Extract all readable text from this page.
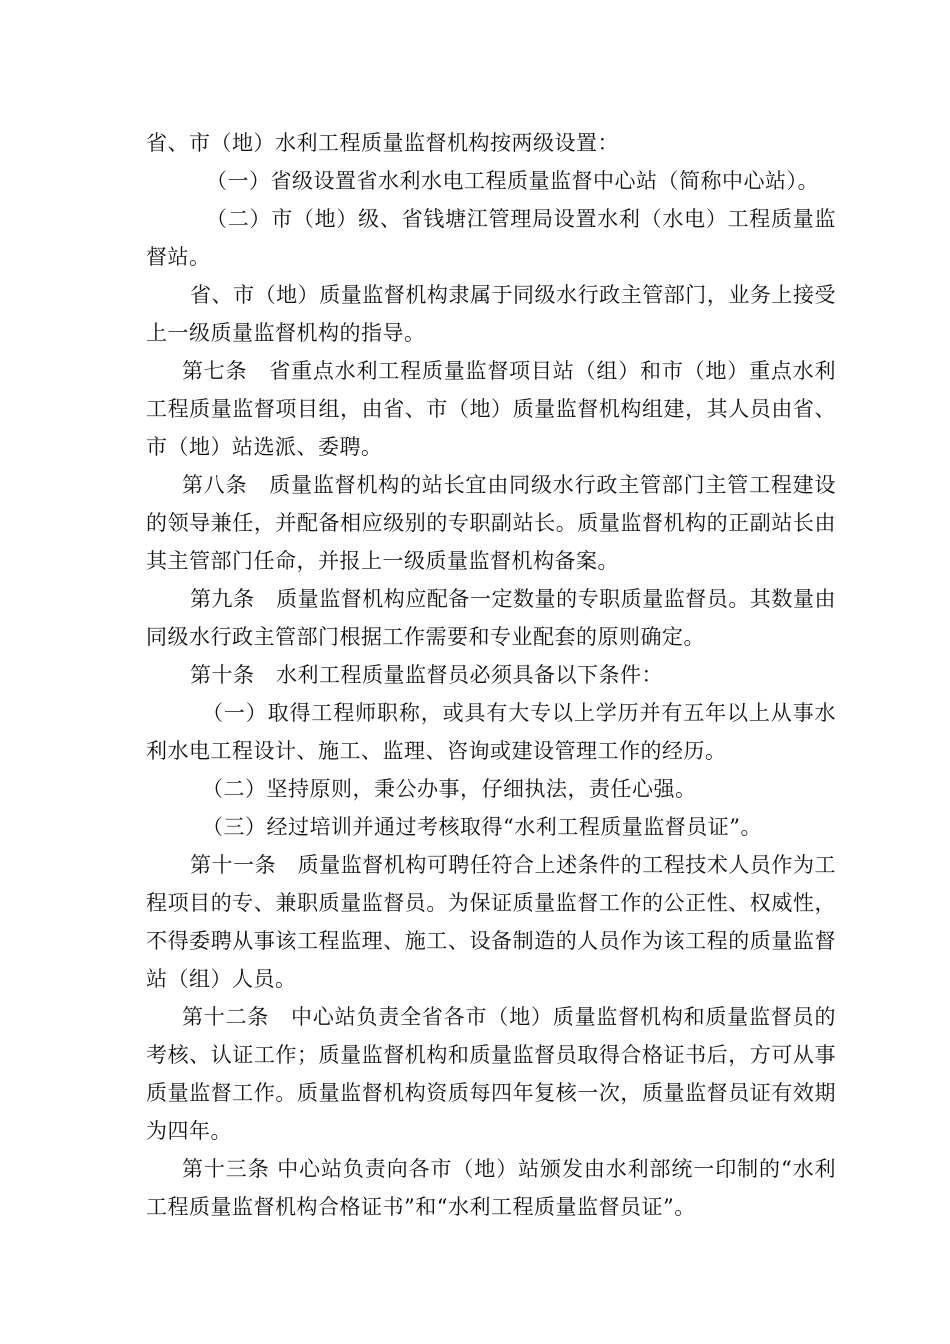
省、市（地）水利工程质量监督机构按两级设置：

（一）省级设置省水利水电工程质量监督中心站（简称中心站）。

（二）市（地）级、省钱塘江管理局设置水利（水电）工程质量监督站。

省、市（地）质量监督机构隶属于同级水行政主管部门，业务上接受上一级质量监督机构的指导。

第七条　省重点水利工程质量监督项目站（组）和市（地）重点水利工程质量监督项目组，由省、市（地）质量监督机构组建，其人员由省、市（地）站选派、委聘。

第八条　质量监督机构的站长宜由同级水行政主管部门主管工程建设的领导兼任，并配备相应级别的专职副站长。质量监督机构的正副站长由其主管部门任命，并报上一级质量监督机构备案。

第九条　质量监督机构应配备一定数量的专职质量监督员。其数量由同级水行政主管部门根据工作需要和专业配套的原则确定。

第十条　水利工程质量监督员必须具备以下条件：

（一）取得工程师职称，或具有大专以上学历并有五年以上从事水利水电工程设计、施工、监理、咨询或建设管理工作的经历。

（二）坚持原则，秉公办事，仔细执法，责任心强。

（三）经过培训并通过考核取得“水利工程质量监督员证”。

第十一条　质量监督机构可聘任符合上述条件的工程技术人员作为工程项目的专、兼职质量监督员。为保证质量监督工作的公正性、权威性，不得委聘从事该工程监理、施工、设备制造的人员作为该工程的质量监督站（组）人员。

第十二条　中心站负责全省各市（地）质量监督机构和质量监督员的考核、认证工作；质量监督机构和质量监督员取得合格证书后，方可从事质量监督工作。质量监督机构资质每四年复核一次，质量监督员证有效期为四年。

第十三条 中心站负责向各市（地）站颁发由水利部统一印制的“水利工程质量监督机构合格证书”和“水利工程质量监督员证”。
